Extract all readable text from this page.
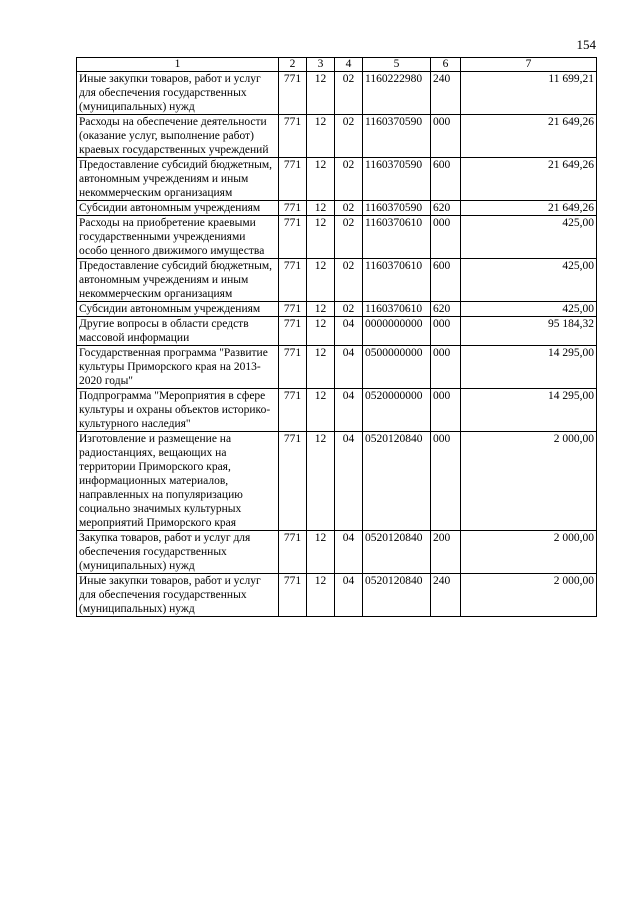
154
1	2	3	4	5	6	7
Иные закупки товаров, работ и услуг для обеспечения государственных (муниципальных) нужд	771	12	02	1160222980	240	11 699,21
Расходы на обеспечение деятельности (оказание услуг, выполнение работ) краевых государственных учреждений	771	12	02	1160370590	000	21 649,26
Предоставление субсидий бюджетным, автономным учреждениям и иным некоммерческим организациям	771	12	02	1160370590	600	21 649,26
Субсидии автономным учреждениям	771	12	02	1160370590	620	21 649,26
Расходы на приобретение краевыми государственными учреждениями особо ценного движимого имущества	771	12	02	1160370610	000	425,00
Предоставление субсидий бюджетным, автономным учреждениям и иным некоммерческим организациям	771	12	02	1160370610	600	425,00
Субсидии автономным учреждениям	771	12	02	1160370610	620	425,00
Другие вопросы в области средств массовой информации	771	12	04	0000000000	000	95 184,32
Государственная программа "Развитие культуры Приморского края на 2013-2020 годы"	771	12	04	0500000000	000	14 295,00
Подпрограмма "Мероприятия в сфере культуры и охраны объектов историко-культурного наследия"	771	12	04	0520000000	000	14 295,00
Изготовление и размещение на радиостанциях, вещающих на территории Приморского края, информационных материалов, направленных на популяризацию социально значимых культурных мероприятий Приморского края	771	12	04	0520120840	000	2 000,00
Закупка товаров, работ и услуг для обеспечения государственных (муниципальных) нужд	771	12	04	0520120840	200	2 000,00
Иные закупки товаров, работ и услуг для обеспечения государственных (муниципальных) нужд	771	12	04	0520120840	240	2 000,00
